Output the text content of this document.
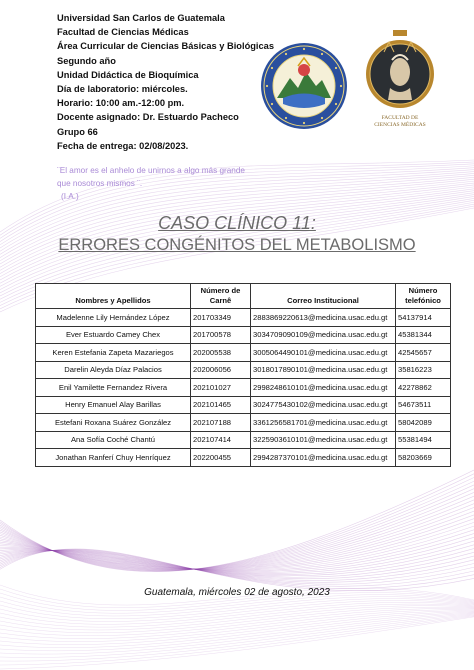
Universidad San Carlos de Guatemala
Facultad de Ciencias Médicas
Área Curricular de Ciencias Básicas y Biológicas
Segundo año
Unidad Didáctica de Bioquímica
Día de laboratorio: miércoles.
Horario: 10:00 am.-12:00 pm.
Docente asignado: Dr. Estuardo Pacheco
Grupo 66
Fecha de entrega: 02/08/2023.
FACULTAD DE
CIENCIAS MÉDICAS
¨El amor es el anhelo de unirnos a algo más grande
que nosotros mismos ¨.
(I.A.)
CASO CLÍNICO 11:
ERRORES CONGÉNITOS DEL METABOLISMO
Nombres y Apellidos	Número de Carnê	Correo Institucional	Número telefónico
Madelenne Lily Hernández López	201703349	2883869220613@medicina.usac.edu.gt	54137914
Ever Estuardo Camey Chex	201700578	3034709090109@medicina.usac.edu.gt	45381344
Keren Estefania Zapeta Mazariegos	202005538	3005064490101@medicina.usac.edu.gt	42545657
Darelin Aleyda Díaz Palacios	202006056	3018017890101@medicina.usac.edu.gt	35816223
Enil Yamilette Fernandez Rivera	202101027	2998248610101@medicina.usac.edu.gt	42278862
Henry Emanuel Alay Barillas	202101465	3024775430102@medicina.usac.edu.gt	54673511
Estefani Roxana Suárez González	202107188	3361256581701@medicina.usac.edu.gt	58042089
Ana Sofía Coché Chantú	202107414	3225903610101@medicina.usac.edu.gt	55381494
Jonathan Ranferí Chuy Henríquez	202200455	2994287370101@medicina.usac.edu.gt	58203669
Guatemala, miércoles 02 de agosto, 2023
